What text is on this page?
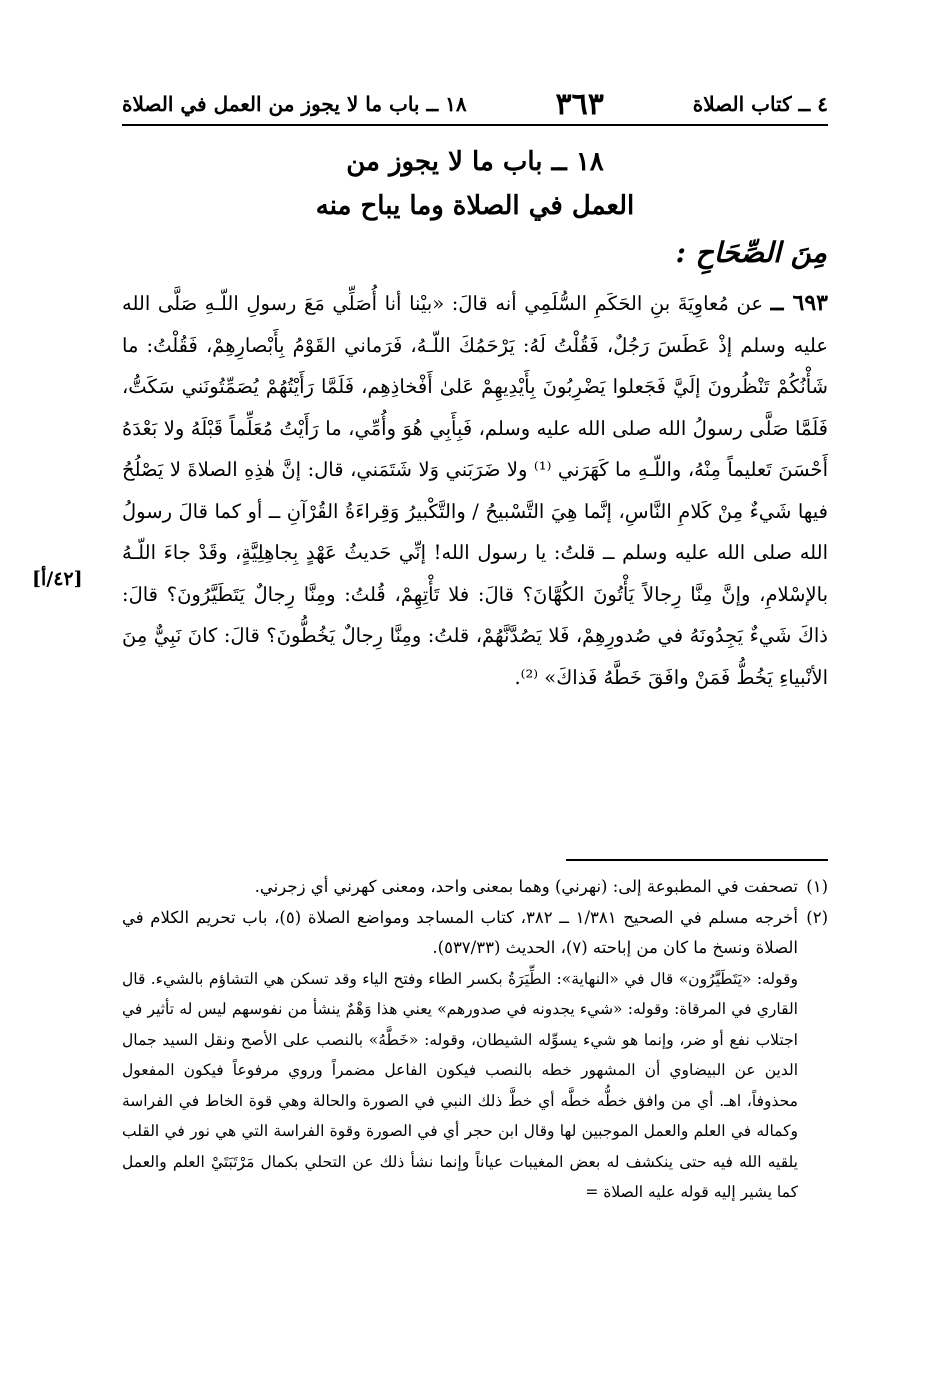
٤ ــ كتاب الصلاة
٣٦٣
١٨ ــ باب ما لا يجوز من العمل في الصلاة
١٨ ــ باب ما لا يجوز من
العمل في الصلاة وما يباح منه
مِنَ الصِّحَاحِ :
٦٩٣ ــ عن مُعاوِيَةَ بنِ الحَكَمِ السُّلَمِي أنه قالَ: «بيْنا أنا أُصَلِّي مَعَ رسولِ اللّـهِ صَلَّى الله عليه وسلم إذْ عَطَسَ رَجُلٌ، فَقُلْتُ لَهُ: يَرْحَمُكَ اللّـهُ، فَرَماني القَوْمُ بِأَبْصارِهِمْ، فَقُلْتُ: ما شَأْنُكُمْ تَنْظُرونَ إلَيَّ فَجَعلوا يَضْرِبُونَ بِأَيْدِيهِمْ عَلىٰ أَفْخاذِهِم، فَلَمَّا رَأَيْتُهُمْ يُصَمِّتُونَني سَكَتُّ، فَلَمَّا صَلَّى رسولُ الله صلى الله عليه وسلم، فَبِأَبِي هُوَ وأُمِّي، ما رَأَيْتُ مُعَلِّماً قَبْلَهُ ولا بَعْدَهُ أَحْسَنَ تَعليماً مِنْهُ، واللّـهِ ما كَهَرَني ⁽¹⁾ ولا ضَرَبَني وَلا شَتَمَني، قال: إنَّ هٰذِهِ الصلاةَ لا يَصْلُحُ فيها شَيءٌ مِنْ كَلامِ النَّاسِ، إنَّما هِيَ التَّسْبيحُ / والتَّكْبيرُ وَقِراءَةُ القُرْآنِ ــ أو كما قالَ رسولُ الله صلى الله عليه وسلم ــ قلتُ: يا رسول الله! إنِّي حَديثُ عَهْدٍ بِجاهِلِيَّةٍ، وقَدْ جاءَ اللّـهُ بالإسْلامِ، وإنَّ مِنَّا رِجالاً يَأْتُونَ الكُهَّانَ؟ قالَ: فلا تَأْتِهِمْ، قُلتُ: ومِنَّا رِجالٌ يَتَطَيَّرُونَ؟ قالَ: ذاكَ شَيءٌ يَجِدُونَهُ في صُدورِهِمْ، فَلا يَصُدَّنَّهُمْ، قلتُ: ومِنَّا رِجالٌ يَخُطُّونَ؟ قالَ: كانَ نَبِيٌّ مِنَ الأنْبياءِ يَخُطُّ فَمَنْ وافَقَ خَطَّهُ فَذاكَ» ⁽²⁾.
[٤٢/أ]
(١)
تصحفت في المطبوعة إلى: (نهرني) وهما بمعنى واحد، ومعنى كهرني أي زجرني.
(٢)
أخرجه مسلم في الصحيح ١/٣٨١ ــ ٣٨٢، كتاب المساجد ومواضع الصلاة (٥)، باب تحريم الكلام في الصلاة ونسخ ما كان من إباحته (٧)، الحديث (٥٣٧/٣٣).
وقوله: «يَتَطَيَّرُون» قال في «النهاية»: الطِّيَرَةُ بكسر الطاء وفتح الياء وقد تسكن هي التشاؤم بالشيء. قال القاري في المرقاة: وقوله: «شيء يجدونه في صدورهم» يعني هذا وَهْمٌ ينشأ من نفوسهم ليس له تأثير في اجتلاب نفع أو ضر، وإنما هو شيء يسوِّله الشيطان، وقوله: «خَطَّهُ» بالنصب على الأصح ونقل السيد جمال الدين عن البيضاوي أن المشهور خطه بالنصب فيكون الفاعل مضمراً وروي مرفوعاً فيكون المفعول محذوفاً، اهـ. أي من وافق خطُّه خطَّه أي خطَّ ذلك النبي في الصورة والحالة وهي قوة الخاط في الفراسة وكماله في العلم والعمل الموجبين لها وقال ابن حجر أي في الصورة وقوة الفراسة التي هي نور في القلب يلقيه الله فيه حتى ينكشف له بعض المغيبات عياناً وإنما نشأ ذلك عن التحلي بكمال مَرْتَبَتَيْ العلم والعمل كما يشير إليه قوله عليه الصلاة =
